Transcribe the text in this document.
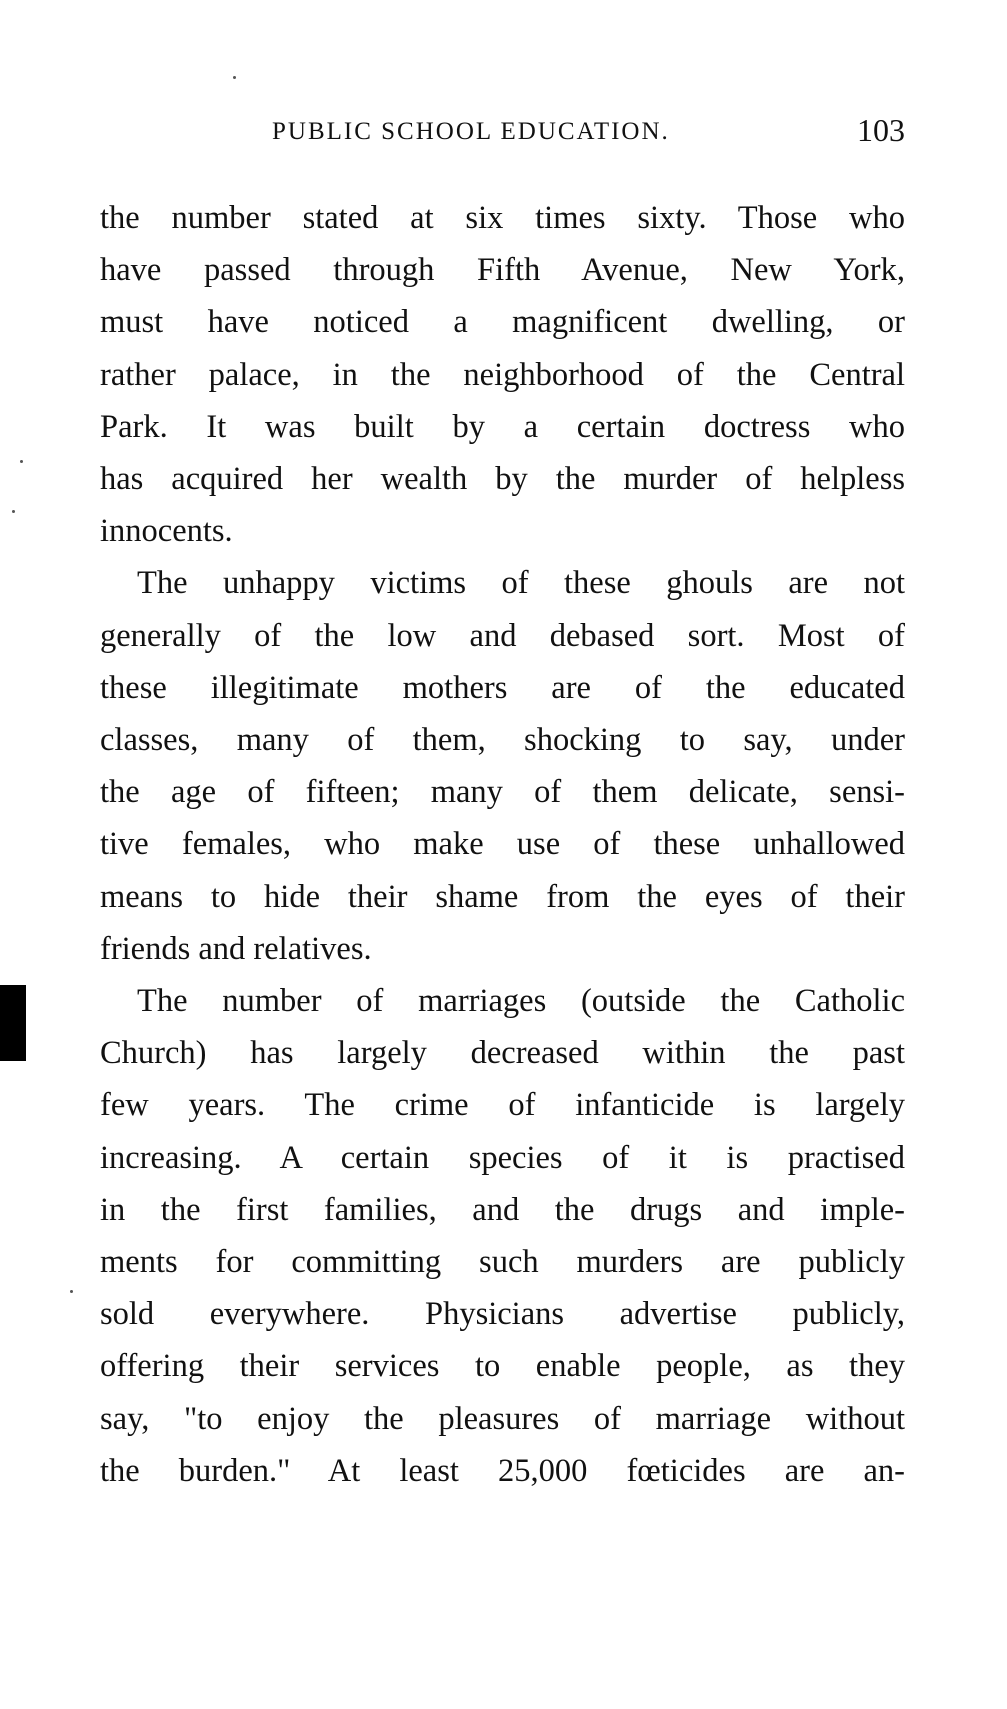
PUBLIC SCHOOL EDUCATION.	103

the number stated at six times sixty. Those who

have passed through Fifth Avenue, New York,

must have noticed a magnificent dwelling, or

rather palace, in the neighborhood of the Central

Park. It was built by a certain doctress who

has acquired her wealth by the murder of helpless

innocents.

The unhappy victims of these ghouls are not

generally of the low and debased sort. Most of

these illegitimate mothers are of the educated

classes, many of them, shocking to say, under

the age of fifteen; many of them delicate, sensi-

tive females, who make use of these unhallowed

means to hide their shame from the eyes of their

friends and relatives.

The number of marriages (outside the Catholic

Church) has largely decreased within the past

few years. The crime of infanticide is largely

increasing. A certain species of it is practised

in the first families, and the drugs and imple-

ments for committing such murders are publicly

sold everywhere. Physicians advertise publicly,

offering their services to enable people, as they

say, "to enjoy the pleasures of marriage without

the burden." At least 25,000 fœticides are an-
